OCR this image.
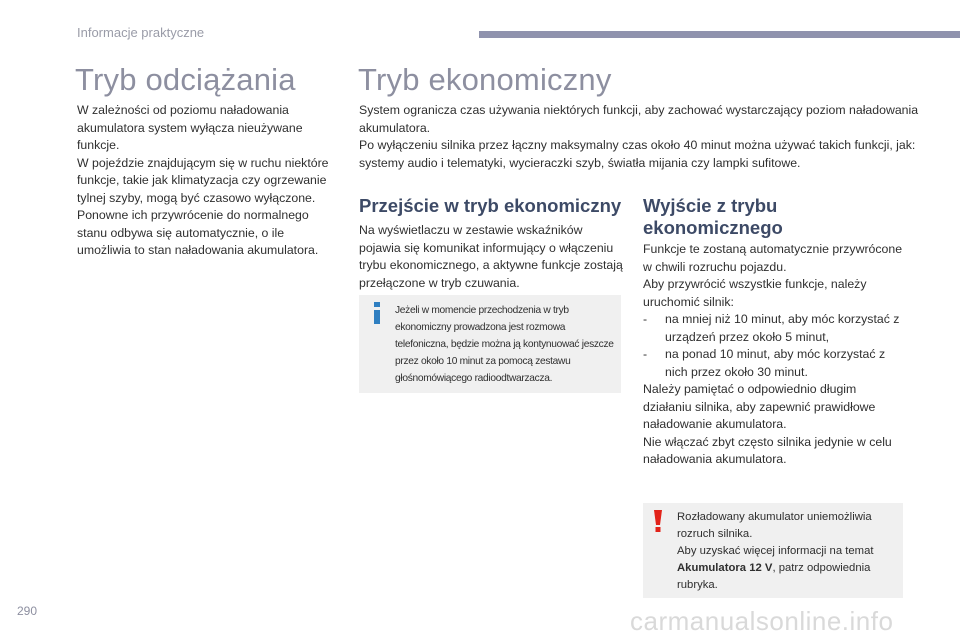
Informacje praktyczne
Tryb odciążania

W zależności od poziomu naładowania akumulatora system wyłącza nieużywane funkcje.

W pojeździe znajdującym się w ruchu niektóre funkcje, takie jak klimatyzacja czy ogrzewanie tylnej szyby, mogą być czasowo wyłączone.

Ponowne ich przywrócenie do normalnego stanu odbywa się automatycznie, o ile umożliwia to stan naładowania akumulatora.

Tryb ekonomiczny

System ogranicza czas używania niektórych funkcji, aby zachować wystarczający poziom naładowania akumulatora.

Po wyłączeniu silnika przez łączny maksymalny czas około 40 minut można używać takich funkcji, jak: systemy audio i telematyki, wycieraczki szyb, światła mijania czy lampki sufitowe.

Przejście w tryb ekonomiczny

Na wyświetlaczu w zestawie wskaźników pojawia się komunikat informujący o włączeniu trybu ekonomicznego, a aktywne funkcje zostają przełączone w tryb czuwania.

Jeżeli w momencie przechodzenia w tryb ekonomiczny prowadzona jest rozmowa telefoniczna, będzie można ją kontynuować jeszcze przez około 10 minut za pomocą zestawu głośnomówiącego radioodtwarzacza.
Wyjście z trybu ekonomicznego

Funkcje te zostaną automatycznie przywrócone w chwili rozruchu pojazdu.

Aby przywrócić wszystkie funkcje, należy uruchomić silnik:

- na mniej niż 10 minut, aby móc korzystać z urządzeń przez około 5 minut,

- na ponad 10 minut, aby móc korzystać z nich przez około 30 minut.

Należy pamiętać o odpowiednio długim działaniu silnika, aby zapewnić prawidłowe naładowanie akumulatora.

Nie włączać zbyt często silnika jedynie w celu naładowania akumulatora.

Rozładowany akumulator uniemożliwia rozruch silnika.
Aby uzyskać więcej informacji na temat Akumulatora 12 V, patrz odpowiednia rubryka.
290	carmanualsonline.info
